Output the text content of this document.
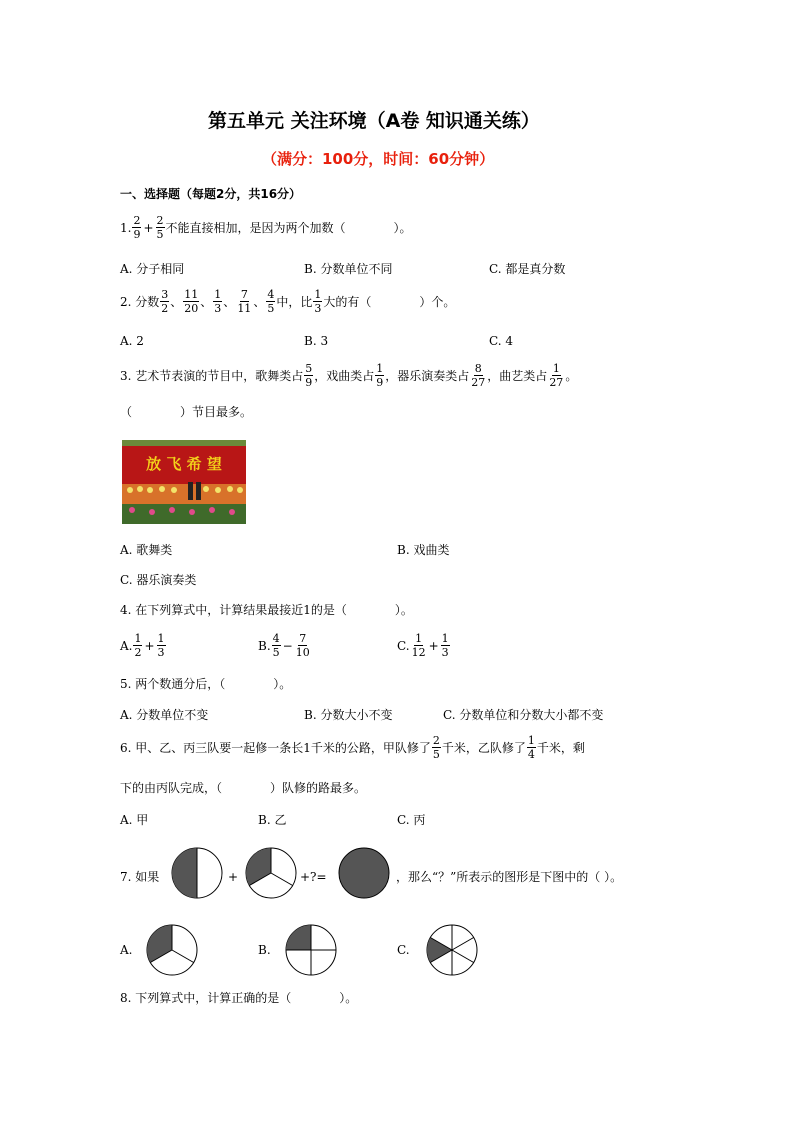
第五单元 关注环境（A卷 知识通关练）
（满分：100分，时间：60分钟）
一、选择题（每题2分，共16分）
1. $\frac{2}{9} + \frac{2}{5}$ 不能直接相加，是因为两个加数（　　　　）。
A. 分子相同	B. 分数单位不同	C. 都是真分数
2. 分数 $\frac{3}{2}$ 、 $\frac{11}{20}$ 、 $\frac{1}{3}$ 、 $\frac{7}{11}$ 、 $\frac{4}{5}$ 中，比 $\frac{1}{3}$ 大的有（　　　　）个。
A. 2	B. 3	C. 4
3. 艺术节表演的节目中，歌舞类占 $\frac{5}{9}$ ，戏曲类占 $\frac{1}{9}$ ，器乐演奏类占 $\frac{8}{27}$ ，曲艺类占 $\frac{1}{27}$ 。
（　　　　）节目最多。
放 飞 希 望
A. 歌舞类	B. 戏曲类
C. 器乐演奏类
4. 在下列算式中，计算结果最接近1的是（　　　　）。
A. $\frac{1}{2} + \frac{1}{3}$	B. $\frac{4}{5} - \frac{7}{10}$	C. $\frac{1}{12} + \frac{1}{3}$
5. 两个数通分后，（　　　　）。
A. 分数单位不变	B. 分数大小不变	C. 分数单位和分数大小都不变
6. 甲、乙、丙三队要一起修一条长1千米的公路，甲队修了 $\frac{2}{5}$ 千米，乙队修了 $\frac{1}{4}$ 千米，剩
下的由丙队完成，（　　　　）队修的路最多。
A. 甲	B. 乙	C. 丙
7. 如果	+	+?=	，那么“？”所表示的图形是下图中的（ ）。
A.	B.	C.
8. 下列算式中，计算正确的是（　　　　）。
